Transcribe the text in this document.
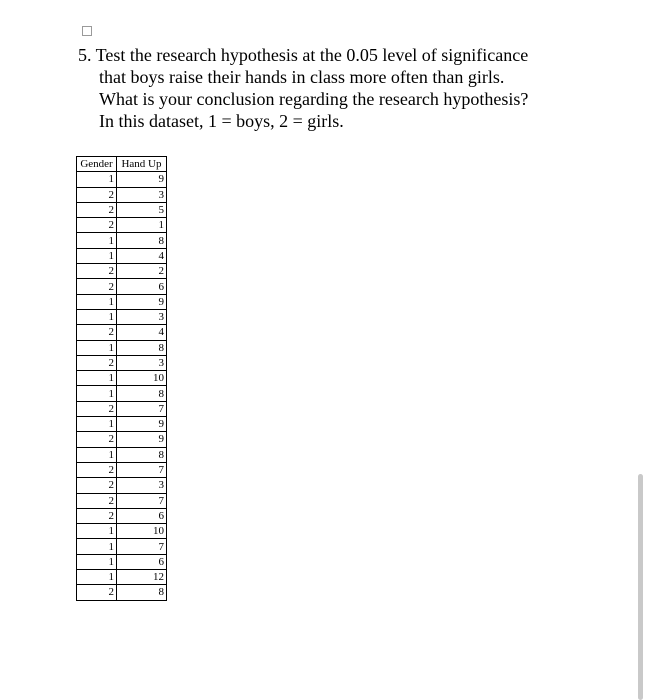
5. Test the research hypothesis at the 0.05 level of significance
that boys raise their hands in class more often than girls.
What is your conclusion regarding the research hypothesis?
In this dataset, 1 = boys, 2 = girls.
Gender	Hand Up
1	9
2	3
2	5
2	1
1	8
1	4
2	2
2	6
1	9
1	3
2	4
1	8
2	3
1	10
1	8
2	7
1	9
2	9
1	8
2	7
2	3
2	7
2	6
1	10
1	7
1	6
1	12
2	8
